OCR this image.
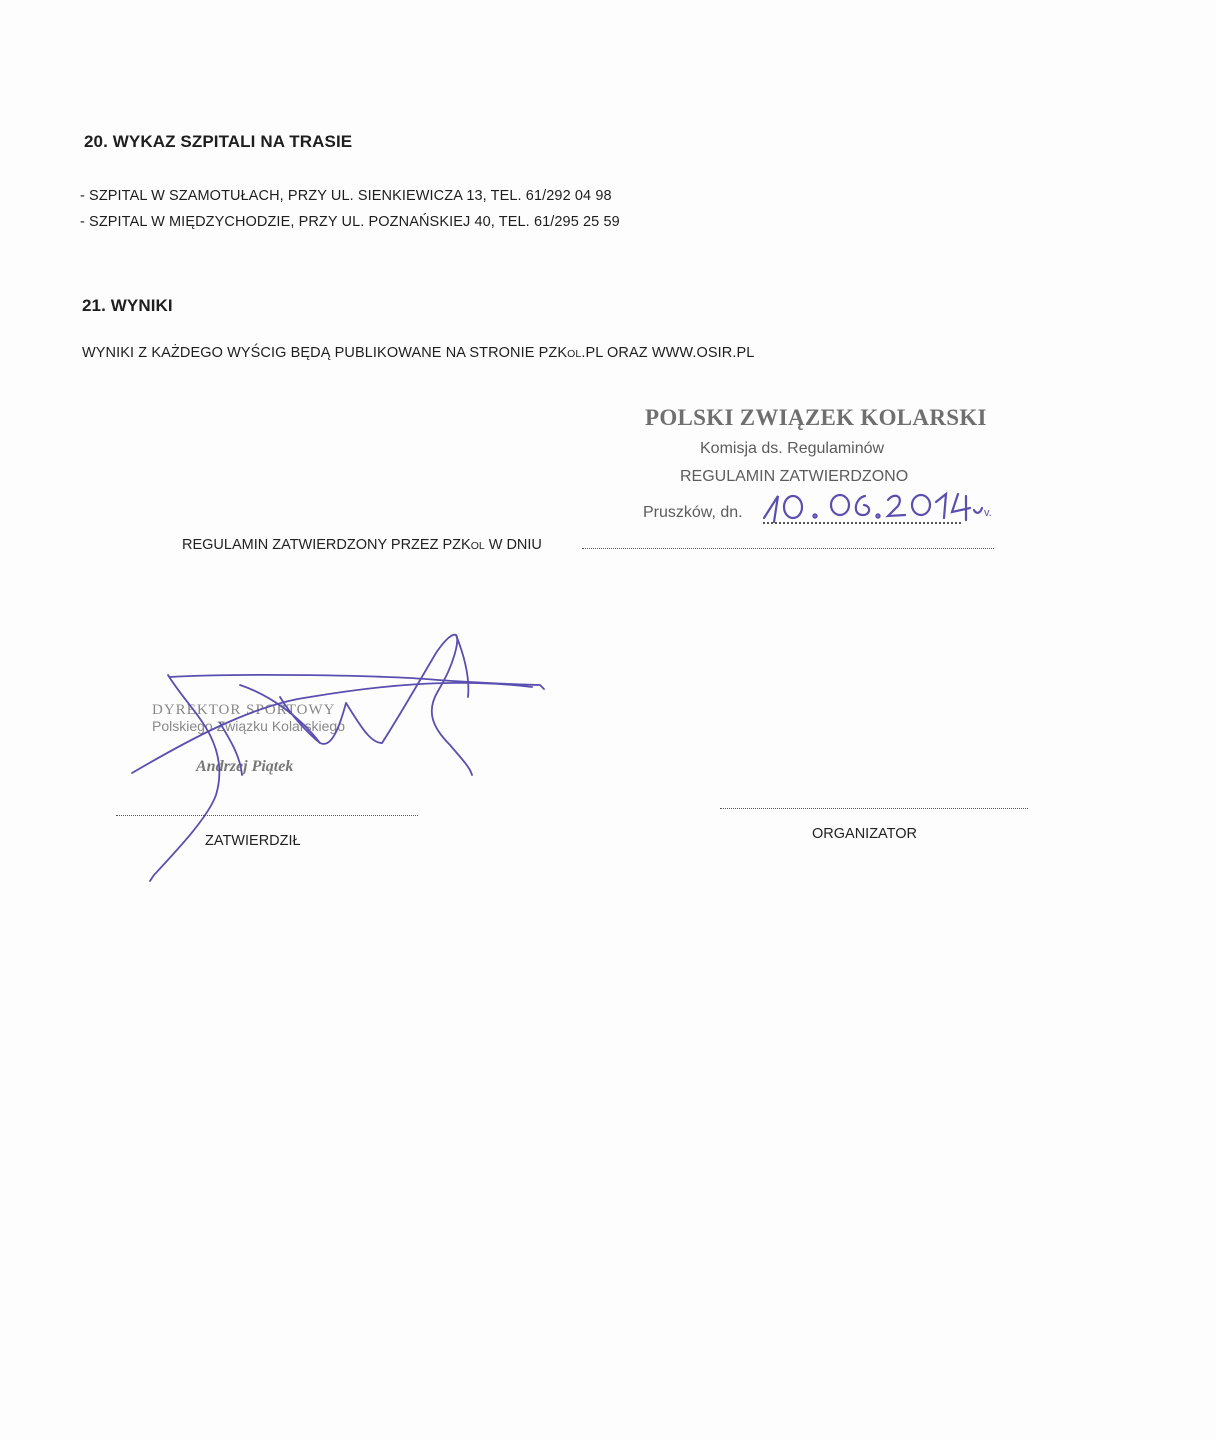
20. WYKAZ SZPITALI NA TRASIE
- SZPITAL W SZAMOTUŁACH, PRZY UL. SIENKIEWICZA 13, TEL. 61/292 04 98
- SZPITAL W MIĘDZYCHODZIE, PRZY UL. POZNAŃSKIEJ 40, TEL. 61/295 25 59
21. WYNIKI
WYNIKI Z KAŻDEGO WYŚCIG BĘDĄ PUBLIKOWANE NA STRONIE PZKOL.PL ORAZ WWW.OSIR.PL
POLSKI ZWIĄZEK KOLARSKI
Komisja ds. Regulaminów
REGULAMIN ZATWIERDZONO
Pruszków, dn.	v.
REGULAMIN ZATWIERDZONY PRZEZ PZKOL W DNIU
DYREKTOR SPORTOWY
Polskiego Związku Kolarskiego
Andrzej Piątek
ZATWIERDZIŁ	ORGANIZATOR
